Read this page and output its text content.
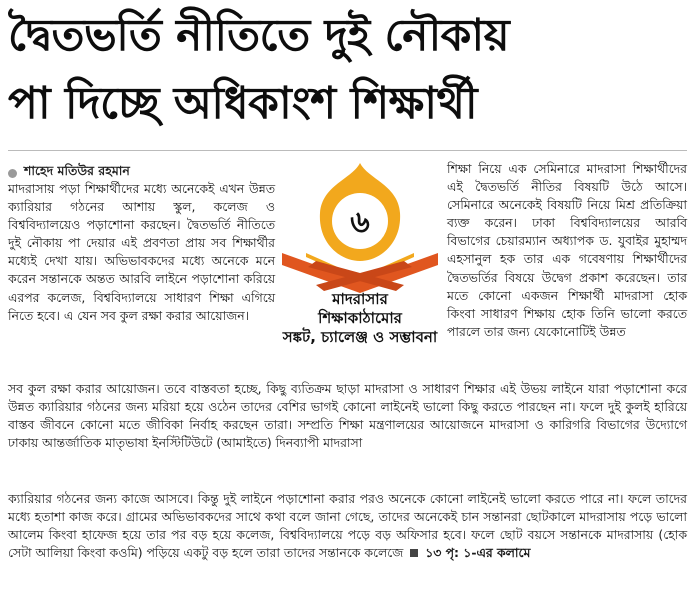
দ্বৈতভর্তি নীতিতে দুই নৌকায়
পা দিচ্ছে অধিকাংশ শিক্ষার্থী
শাহেদ মতিউর রহমান

মাদরাসায় পড়া শিক্ষার্থীদের মধ্যে অনেকেই এখন উন্নত ক্যারিয়ার গঠনের আশায় স্কুল, কলেজ ও বিশ্ববিদ্যালয়েও পড়াশোনা করছেন। দ্বৈতভর্তি নীতিতে দুই নৌকায় পা দেয়ার এই প্রবণতা প্রায় সব শিক্ষার্থীর মধ্যেই দেখা যায়। অভিভাবকদের মধ্যে অনেকে মনে করেন সন্তানকে অন্তত আরবি লাইনে পড়াশোনা করিয়ে এরপর কলেজ, বিশ্ববিদ্যালয়ে সাধারণ শিক্ষা এগিয়ে নিতে হবে। এ যেন সব কুল রক্ষা করার আয়োজন।

শিক্ষা নিয়ে এক সেমিনারে মাদরাসা শিক্ষার্থীদের এই দ্বৈতভর্তি নীতির বিষয়টি উঠে আসে। সেমিনারে অনেকেই বিষয়টি নিয়ে মিশ্র প্রতিক্রিয়া ব্যক্ত করেন। ঢাকা বিশ্ববিদ্যালয়ের আরবি বিভাগের চেয়ারম্যান অধ্যাপক ড. যুবাইর মুহাম্মদ এহসানুল হক তার এক গবেষণায় শিক্ষার্থীদের দ্বৈতভর্তির বিষয়ে উদ্বেগ প্রকাশ করেছেন। তার মতে কোনো একজন শিক্ষার্থী মাদরাসা হোক কিংবা সাধারণ শিক্ষায় হোক তিনি ভালো করতে পারলে তার জন্য যেকোনোটিই উন্নত

৬
মাদরাসার
শিক্ষাকাঠামোর
সঙ্কট, চ্যালেঞ্জ ও সম্ভাবনা

সব কুল রক্ষা করার আয়োজন। তবে বাস্তবতা হচ্ছে, কিছু ব্যতিক্রম ছাড়া মাদরাসা ও সাধারণ শিক্ষার এই উভয় লাইনে যারা পড়াশোনা করে উন্নত ক্যারিয়ার গঠনের জন্য মরিয়া হয়ে ওঠেন তাদের বেশির ভাগই কোনো লাইনেই ভালো কিছু করতে পারছেন না। ফলে দুই কুলই হারিয়ে বাস্তব জীবনে কোনো মতে জীবিকা নির্বাহ করছেন তারা। সম্প্রতি শিক্ষা মন্ত্রণালয়ের আয়োজনে মাদরাসা ও কারিগরি বিভাগের উদ্যোগে ঢাকায় আন্তর্জাতিক মাতৃভাষা ইনস্টিটিউটে (আমাইতে) দিনব্যাপী মাদরাসা

ক্যারিয়ার গঠনের জন্য কাজে আসবে। কিন্তু দুই লাইনে পড়াশোনা করার পরও অনেকে কোনো লাইনেই ভালো করতে পারে না। ফলে তাদের মধ্যে হতাশা কাজ করে। গ্রামের অভিভাবকদের সাথে কথা বলে জানা গেছে, তাদের অনেকেই চান সন্তানরা ছোটকালে মাদরাসায় পড়ে ভালো আলেম কিংবা হাফেজ হয়ে তার পর বড় হয়ে কলেজ, বিশ্ববিদ্যালয়ে পড়ে বড় অফিসার হবে। ফলে ছোট বয়সে সন্তানকে মাদরাসায় (হোক সেটা আলিয়া কিংবা কওমি) পড়িয়ে একটু বড় হলে তারা তাদের সন্তানকে কলেজে ১৩ পৃ: ১-এর কলামে
